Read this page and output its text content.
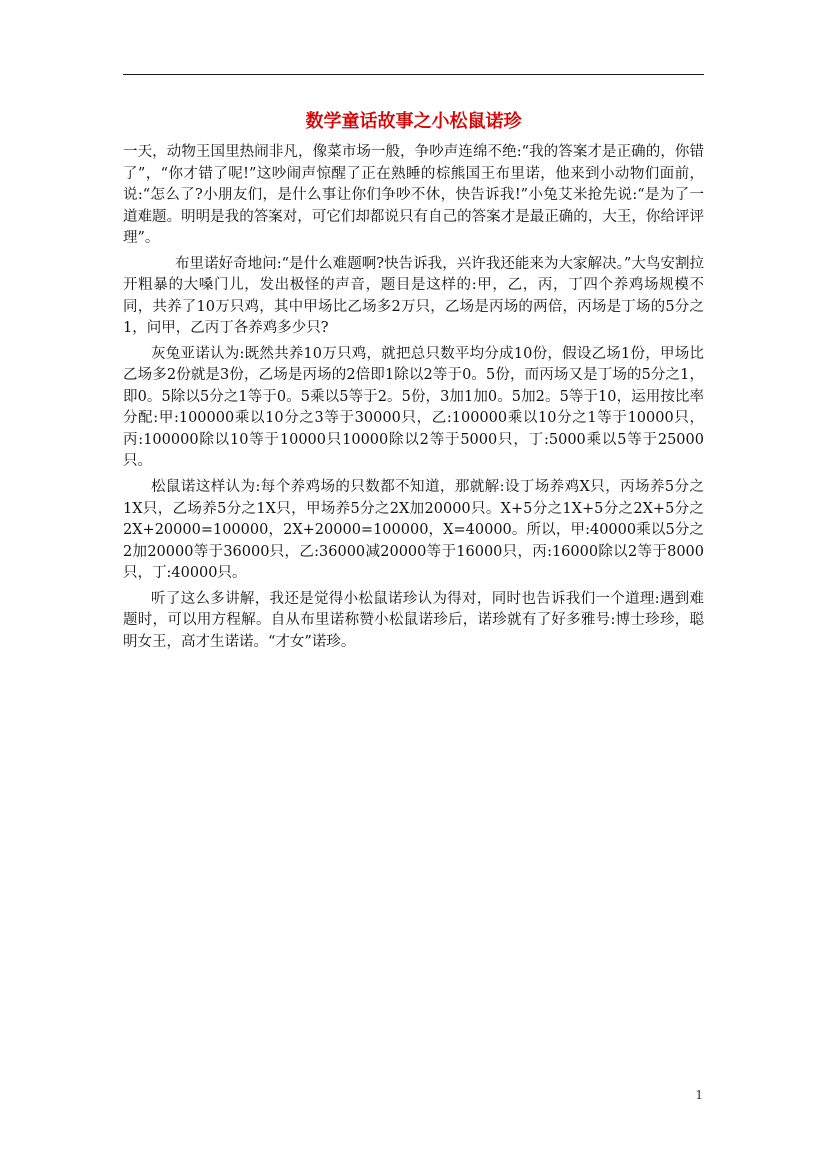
数学童话故事之小松鼠诺珍

一天，动物王国里热闹非凡，像菜市场一般，争吵声连绵不绝:“我的答案才是正确的，你错了”，“你才错了呢!”这吵闹声惊醒了正在熟睡的棕熊国王布里诺，他来到小动物们面前，说:“怎么了?小朋友们，是什么事让你们争吵不休，快告诉我!”小兔艾米抢先说:“是为了一道难题。明明是我的答案对，可它们却都说只有自己的答案才是最正确的，大王，你给评评理”。

布里诺好奇地问:“是什么难题啊?快告诉我，兴许我还能来为大家解决。”大鸟安割拉开粗暴的大嗓门儿，发出极怪的声音，题目是这样的:甲，乙，丙，丁四个养鸡场规模不同，共养了10万只鸡，其中甲场比乙场多2万只，乙场是丙场的两倍，丙场是丁场的5分之1，问甲，乙丙丁各养鸡多少只?

灰兔亚诺认为:既然共养10万只鸡，就把总只数平均分成10份，假设乙场1份，甲场比乙场多2份就是3份，乙场是丙场的2倍即1除以2等于0。5份，而丙场又是丁场的5分之1，即0。5除以5分之1等于0。5乘以5等于2。5份，3加1加0。5加2。5等于10，运用按比率分配:甲:100000乘以10分之3等于30000只，乙:100000乘以10分之1等于10000只，丙:100000除以10等于10000只10000除以2等于5000只，丁:5000乘以5等于25000只。

松鼠诺这样认为:每个养鸡场的只数都不知道，那就解:设丁场养鸡X只，丙场养5分之1X只，乙场养5分之1X只，甲场养5分之2X加20000只。X+5分之1X+5分之2X+5分之2X+20000=100000，2X+20000=100000，X=40000。所以，甲:40000乘以5分之2加20000等于36000只，乙:36000减20000等于16000只，丙:16000除以2等于8000只，丁:40000只。

听了这么多讲解，我还是觉得小松鼠诺珍认为得对，同时也告诉我们一个道理:遇到难题时，可以用方程解。自从布里诺称赞小松鼠诺珍后，诺珍就有了好多雅号:博士珍珍，聪明女王，高才生诺诺。“才女”诺珍。

1
